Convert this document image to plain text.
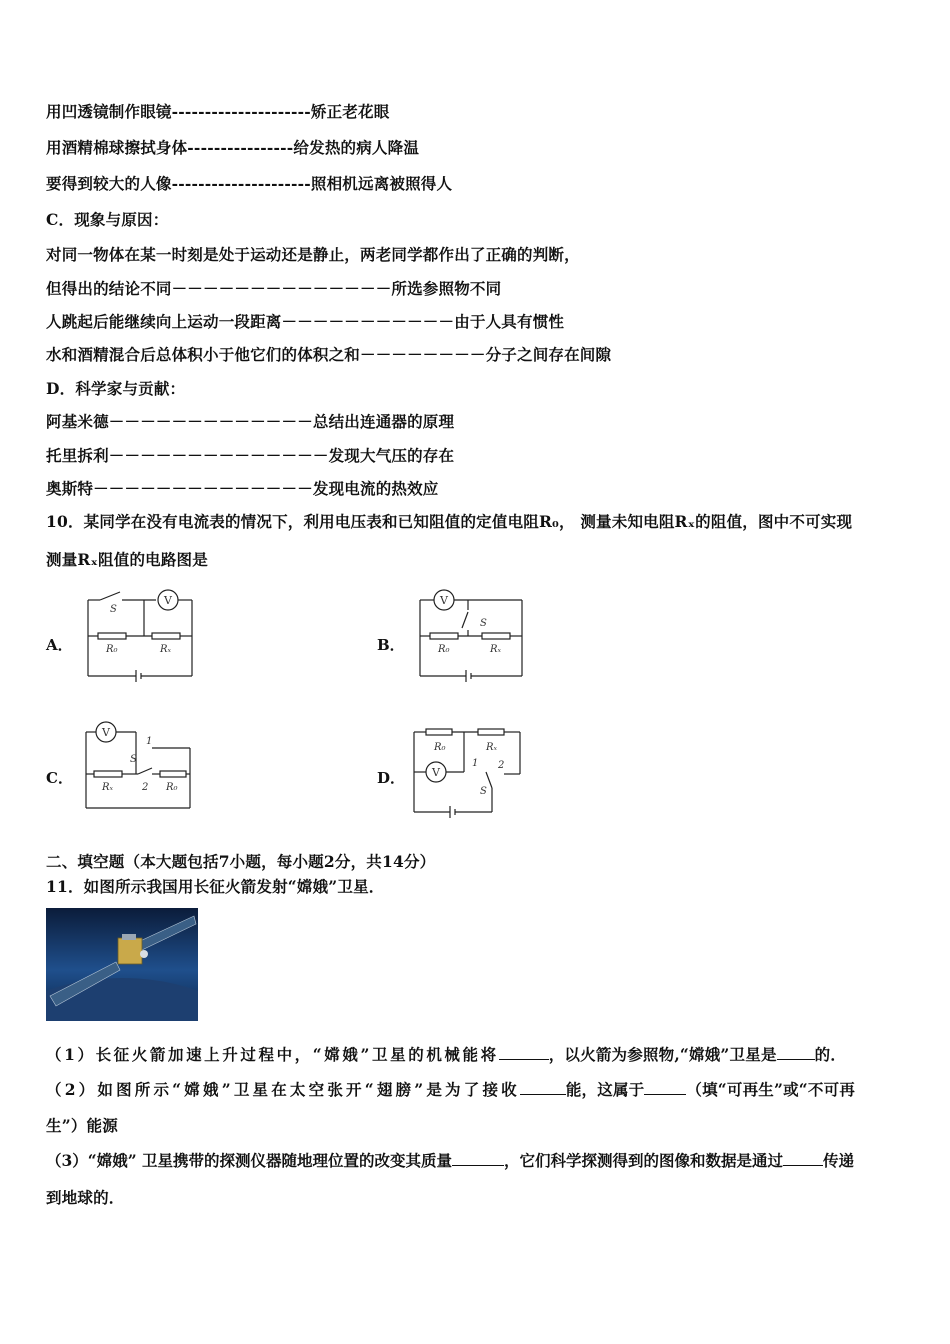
用凹透镜制作眼镜---------------------矫正老花眼
用酒精棉球擦拭身体----------------给发热的病人降温
要得到较大的人像---------------------照相机远离被照得人
C．现象与原因：
对同一物体在某一时刻是处于运动还是静止，两老同学都作出了正确的判断，
但得出的结论不同－－－－－－－－－－－－－－所选参照物不同
人跳起后能继续向上运动一段距离－－－－－－－－－－－由于人具有惯性
水和酒精混合后总体积小于他它们的体积之和－－－－－－－－分子之间存在间隙
D．科学家与贡献：
阿基米德－－－－－－－－－－－－－总结出连通器的原理
托里拆利－－－－－－－－－－－－－－发现大气压的存在
奥斯特－－－－－－－－－－－－－－发现电流的热效应
10．某同学在没有电流表的情况下，利用电压表和已知阻值的定值电阻R₀， 测量未知电阻Rₓ的阻值，图中不可实现
测量Rₓ阻值的电路图是
A．
V
S
R₀	Rₓ	B．
V
S
R₀	Rₓ
C．
V
1
S
Rₓ	2 R₀
D．
R₀	Rₓ
V
1 2
S
二、填空题（本大题包括7小题，每小题2分，共14分）
11．如图所示我国用长征火箭发射“嫦娥”卫星．
（1）长征火箭加速上升过程中，“嫦娥”卫星的机械能将	，以火箭为参照物,“嫦娥”卫星是 的．
（2）如图所示“嫦娥”卫星在太空张开“翅膀”是为了接收	能，这属于	（填“可再生”或“不可再
生”）能源
（3）“嫦娥” 卫星携带的探测仪器随地理位置的改变其质量	，它们科学探测得到的图像和数据是通过	传递
到地球的．
